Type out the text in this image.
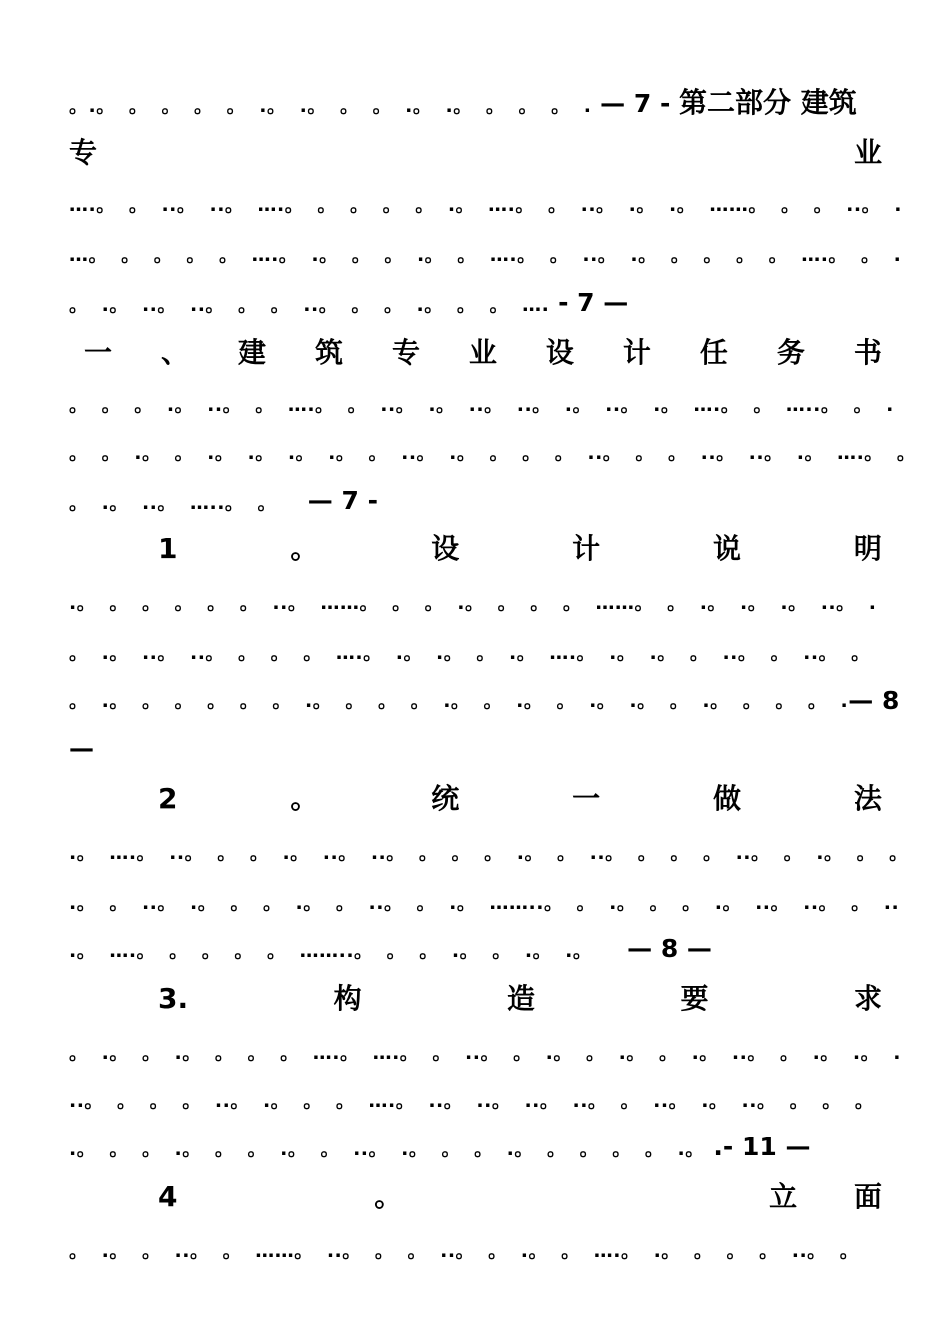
。.。 。 。 。 。 .。 .。 。 。 .。 .。 。 。 。 . — 7 - 第二部分 建筑
专	业
….。 。 ..。 ..。 ….。 。 。 。 。 .。 ….。 。 ..。 .。 .。 ……。 。 。 ..。 .
…。 。 。 。 。 ….。 .。 。 。 .。 。 ….。 。 ..。 .。 。 。 。 。 ….。 。 .
。 .。 ..。 ..。 。 。 ..。 。 。 .。 。 。 …. - 7 —
一 、 建 筑 专 业 设 计 任 务 书
。 。 。 .。 ..。 。 ….。 。 ..。 .。 ..。 ..。 .。 ..。 .。 ….。 。 …..。 。 .
。 。 .。 。 .。 .。 .。 .。 。 ..。 .。 。 。 。 ..。 。 。 ..。 ..。 .。 ….。 。
。 .。 ..。 …..。 。 — 7 -
1	。	设	计	说	明
.。 。 。 。 。 。 ..。 ……。 。 。 .。 。 。 。 ……。 。 .。 .。 .。 ..。 .
。 .。 ..。 ..。 。 。 。 ….。 .。 .。 。 .。 ….。 .。 .。 。 ..。 。 ..。 。
。 .。 。 。 。 。 。 .。 。 。 。 .。 。 .。 。 .。 .。 。 .。 。 。 。 . — 8
—
2	。	统	一	做	法
.。 ….。 ..。 。 。 .。 ..。 ..。 。 。 。 .。 。 ..。 。 。 。 ..。 。 .。 。 。
.。 。 ..。 .。 。 。 .。 。 ..。 。 .。 ……..。 。 .。 。 。 .。 ..。 ..。 。 ..
.。 ….。 。 。 。 。 ……..。 。 。 .。 。 .。 .。 — 8 —
3.	构	造	要	求
。 .。 。 .。 。 。 。 ….。 ….。 。 ..。 。 .。 。 .。 。 .。 ..。 。 .。 .。 .
..。 。 。 。 ..。 .。 。 。 ….。 ..。 ..。 ..。 ..。 。 ..。 .。 ..。 。 。 。
.。 。 。 .。 。 。 .。 。 ..。 .。 。 。 .。 。 。 。 。 .。 .- 11 —
4	。	立 面
。 .。 。 ..。 。 ……。 ..。 。 。 ..。 。 .。 。 ….。 .。 。 。 。 ..。 。
